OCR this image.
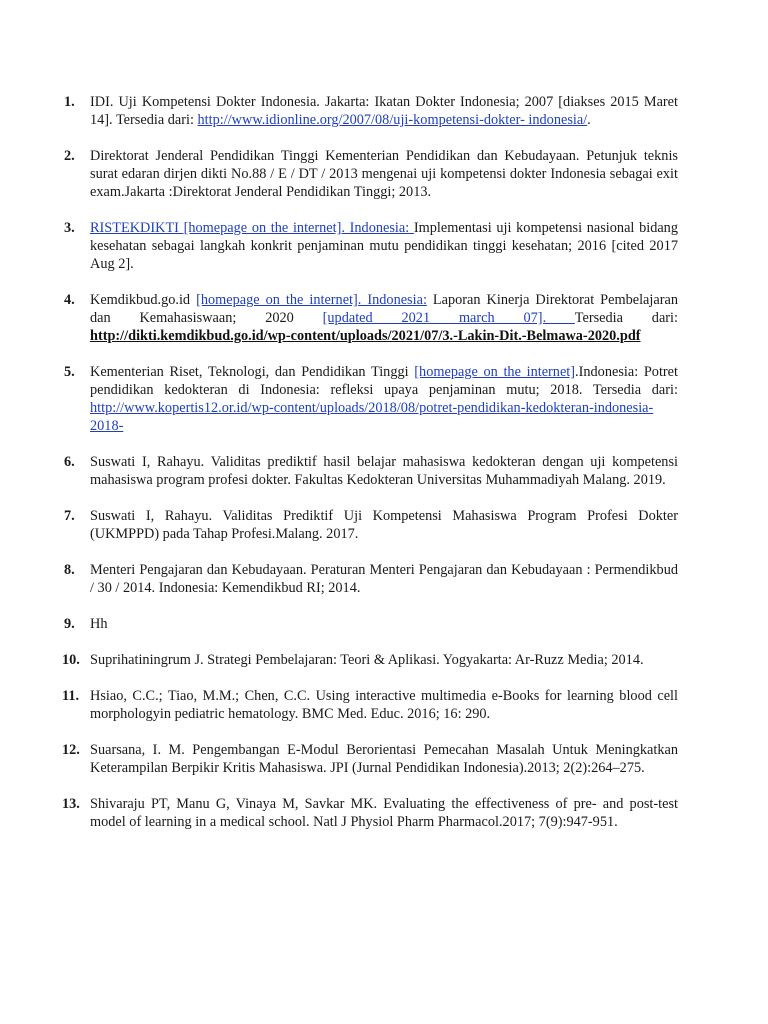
1.	IDI. Uji Kompetensi Dokter Indonesia. Jakarta: Ikatan Dokter Indonesia; 2007 [diakses 2015 Maret 14]. Tersedia dari: http://www.idionline.org/2007/08/uji-kompetensi-dokter- indonesia/.
2.	Direktorat Jenderal Pendidikan Tinggi Kementerian Pendidikan dan Kebudayaan. Petunjuk teknis surat edaran dirjen dikti No.88 / E / DT / 2013 mengenai uji kompetensi dokter Indonesia sebagai exit exam.Jakarta :Direktorat Jenderal Pendidikan Tinggi; 2013.
3.	RISTEKDIKTI [homepage on the internet]. Indonesia: Implementasi uji kompetensi nasional bidang kesehatan sebagai langkah konkrit penjaminan mutu pendidikan tinggi kesehatan; 2016 [cited 2017 Aug 2].
4.	Kemdikbud.go.id [homepage on the internet]. Indonesia: Laporan Kinerja Direktorat Pembelajaran dan Kemahasiswaan; 2020 [updated 2021 march 07]. Tersedia dari: http://dikti.kemdikbud.go.id/wp-content/uploads/2021/07/3.-Lakin-Dit.-Belmawa-2020.pdf
5.	Kementerian Riset, Teknologi, dan Pendidikan Tinggi [homepage on the internet].Indonesia: Potret pendidikan kedokteran di Indonesia: refleksi upaya penjaminan mutu; 2018. Tersedia dari: http://www.kopertis12.or.id/wp-content/uploads/2018/08/potret-pendidikan-kedokteran-indonesia-2018-
6.	Suswati I, Rahayu. Validitas prediktif hasil belajar mahasiswa kedokteran dengan uji kompetensi mahasiswa program profesi dokter. Fakultas Kedokteran Universitas Muhammadiyah Malang. 2019.
7.	Suswati I, Rahayu. Validitas Prediktif Uji Kompetensi Mahasiswa Program Profesi Dokter (UKMPPD) pada Tahap Profesi.Malang. 2017.
8.	Menteri Pengajaran dan Kebudayaan. Peraturan Menteri Pengajaran dan Kebudayaan : Permendikbud / 30 / 2014. Indonesia: Kemendikbud RI; 2014.
9.	Hh
10. Suprihatiningrum J. Strategi Pembelajaran: Teori & Aplikasi. Yogyakarta: Ar-Ruzz Media; 2014.
11. Hsiao, C.C.; Tiao, M.M.; Chen, C.C. Using interactive multimedia e-Books for learning blood cell morphologyin pediatric hematology. BMC Med. Educ. 2016; 16: 290.
12. Suarsana, I. M. Pengembangan E-Modul Berorientasi Pemecahan Masalah Untuk Meningkatkan Keterampilan Berpikir Kritis Mahasiswa. JPI (Jurnal Pendidikan Indonesia).2013; 2(2):264–275.
13. Shivaraju PT, Manu G, Vinaya M, Savkar MK. Evaluating the effectiveness of pre- and post-test model of learning in a medical school. Natl J Physiol Pharm Pharmacol.2017; 7(9):947-951.
